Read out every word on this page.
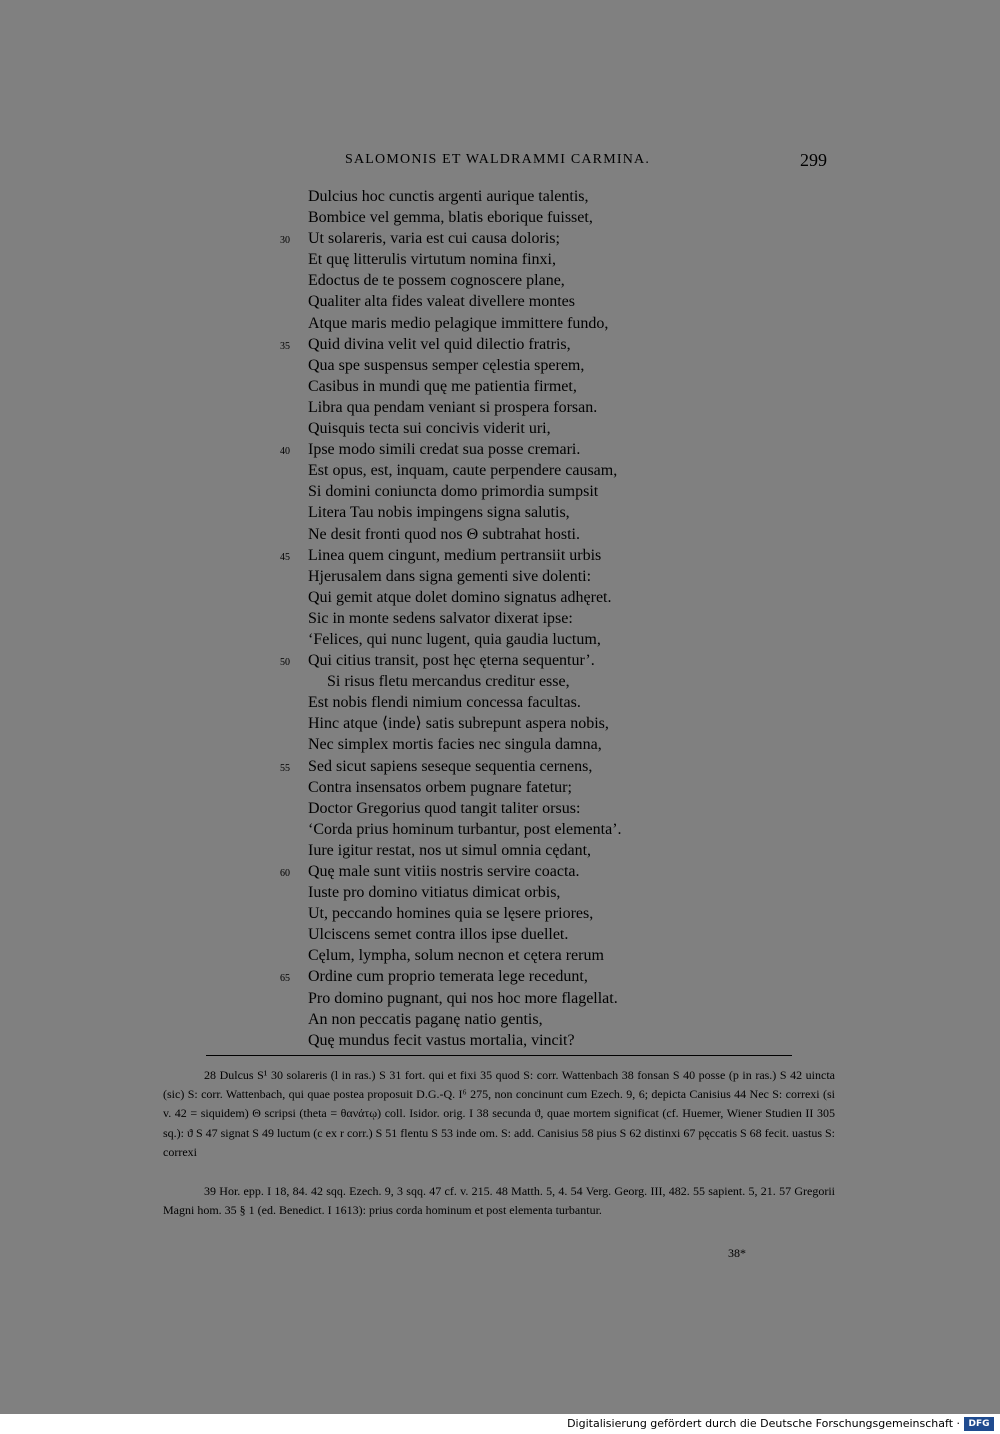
SALOMONIS ET WALDRAMMI CARMINA.	299
Dulcius hoc cunctis argenti aurique talentis,
Bombice vel gemma, blatis eborique fuisset,
30	Ut solareris, varia est cui causa doloris;
Et quę litterulis virtutum nomina finxi,
Edoctus de te possem cognoscere plane,
Qualiter alta fides valeat divellere montes
Atque maris medio pelagique immittere fundo,
35	Quid divina velit vel quid dilectio fratris,
Qua spe suspensus semper cęlestia sperem,
Casibus in mundi quę me patientia firmet,
Libra qua pendam veniant si prospera forsan.
Quisquis tecta sui concivis viderit uri,
40	Ipse modo simili credat sua posse cremari.
Est opus, est, inquam, caute perpendere causam,
Si domini coniuncta domo primordia sumpsit
Litera Tau nobis impingens signa salutis,
Ne desit fronti quod nos Θ subtrahat hosti.
45	Linea quem cingunt, medium pertransiit urbis
Hjerusalem dans signa gementi sive dolenti:
Qui gemit atque dolet domino signatus adhęret.
Sic in monte sedens salvator dixerat ipse:
‘Felices, qui nunc lugent, quia gaudia luctum,
50	Qui citius transit, post hęc ęterna sequentur’.
Si risus fletu mercandus creditur esse,
Est nobis flendi nimium concessa facultas.
Hinc atque ⟨inde⟩ satis subrepunt aspera nobis,
Nec simplex mortis facies nec singula damna,
55	Sed sicut sapiens seseque sequentia cernens,
Contra insensatos orbem pugnare fatetur;
Doctor Gregorius quod tangit taliter orsus:
‘Corda prius hominum turbantur, post elementa’.
Iure igitur restat, nos ut simul omnia cędant,
60	Quę male sunt vitiis nostris servire coacta.
Iuste pro domino vitiatus dimicat orbis,
Ut, peccando homines quia se lęsere priores,
Ulciscens semet contra illos ipse duellet.
Cęlum, lympha, solum necnon et cętera rerum
65	Ordine cum proprio temerata lege recedunt,
Pro domino pugnant, qui nos hoc more flagellat.
An non peccatis paganę natio gentis,
Quę mundus fecit vastus mortalia, vincit?
28 Dulcus S¹ 30 solareris (l in ras.) S 31 fort. qui et fixi 35 quod S: corr. Wattenbach 38 fonsan S 40 posse (p in ras.) S 42 uincta (sic) S: corr. Wattenbach, qui quae postea proposuit D.G.-Q. I⁶ 275, non concinunt cum Ezech. 9, 6; depicta Canisius 44 Nec S: correxi (si v. 42 = siquidem) Θ scripsi (theta = θανάτῳ) coll. Isidor. orig. I 38 secunda ϑ, quae mortem significat (cf. Huemer, Wiener Studien II 305 sq.): ϑ S 47 signat S 49 luctum (c ex r corr.) S 51 flentu S 53 inde om. S: add. Canisius 58 pius S 62 distinxi 67 pęccatis S 68 fecit. uastus S: correxi
39 Hor. epp. I 18, 84. 42 sqq. Ezech. 9, 3 sqq. 47 cf. v. 215. 48 Matth. 5, 4. 54 Verg. Georg. III, 482. 55 sapient. 5, 21. 57 Gregorii Magni hom. 35 § 1 (ed. Benedict. I 1613): prius corda hominum et post elementa turbantur.
38*
Digitalisierung gefördert durch die Deutsche Forschungsgemeinschaft · DFG
